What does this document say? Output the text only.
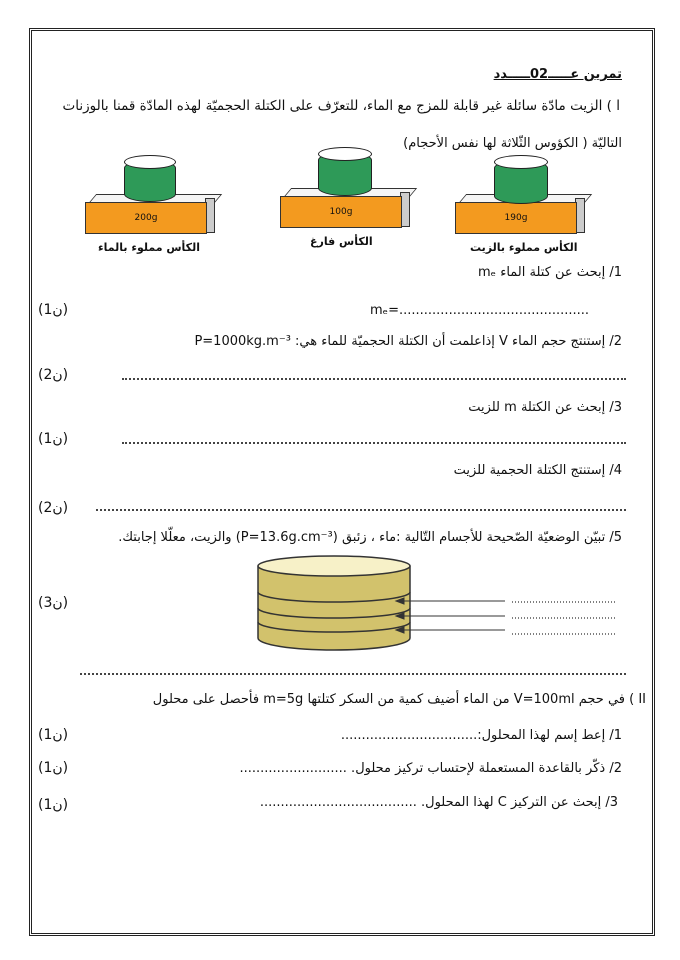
تمرين عـــــ02ـــــدد
ا ) الزيت مادّة سائلة غير قابلة للمزج مع الماء، للتعرّف على الكتلة الحجميّة لهذه المادّة قمنا بالوزنات
التاليّة ( الكؤوس الثّلاثة لها نفس الأحجام)
200g
الكأس مملوء بالماء
100g
الكأس فارغ
190g
الكأس مملوء بالزيت
1/ إبحث عن كتلة الماء mₑ
mₑ=..............................................
(1ن)
2/ إستنتج حجم الماء V إذاعلمت أن الكتلة الحجميّة للماء هي: P=1000kg.m⁻³
(2ن)
3/ إبحث عن الكتلة m للزيت
(1ن)
4/ إستنتج الكتلة الحجمية للزيت
(2ن)
5/ تبيّن الوضعيّة الصّحيحة للأجسام التّالية :ماء ، زئبق (P=13.6g.cm⁻³) والزيت، معلّلا إجابتك.
(3ن)
II ) في حجم V=100ml من الماء أضيف كمية من السكر كتلتها m=5g فأحصل على محلول
1/ إعط إسم لهذا المحلول:.................................
(1ن)
2/ ذكّر بالقاعدة المستعملة لإحتساب تركيز محلول. ..........................
(1ن)
3/ إبحث عن التركيز C لهذا المحلول. ......................................
(1ن)
